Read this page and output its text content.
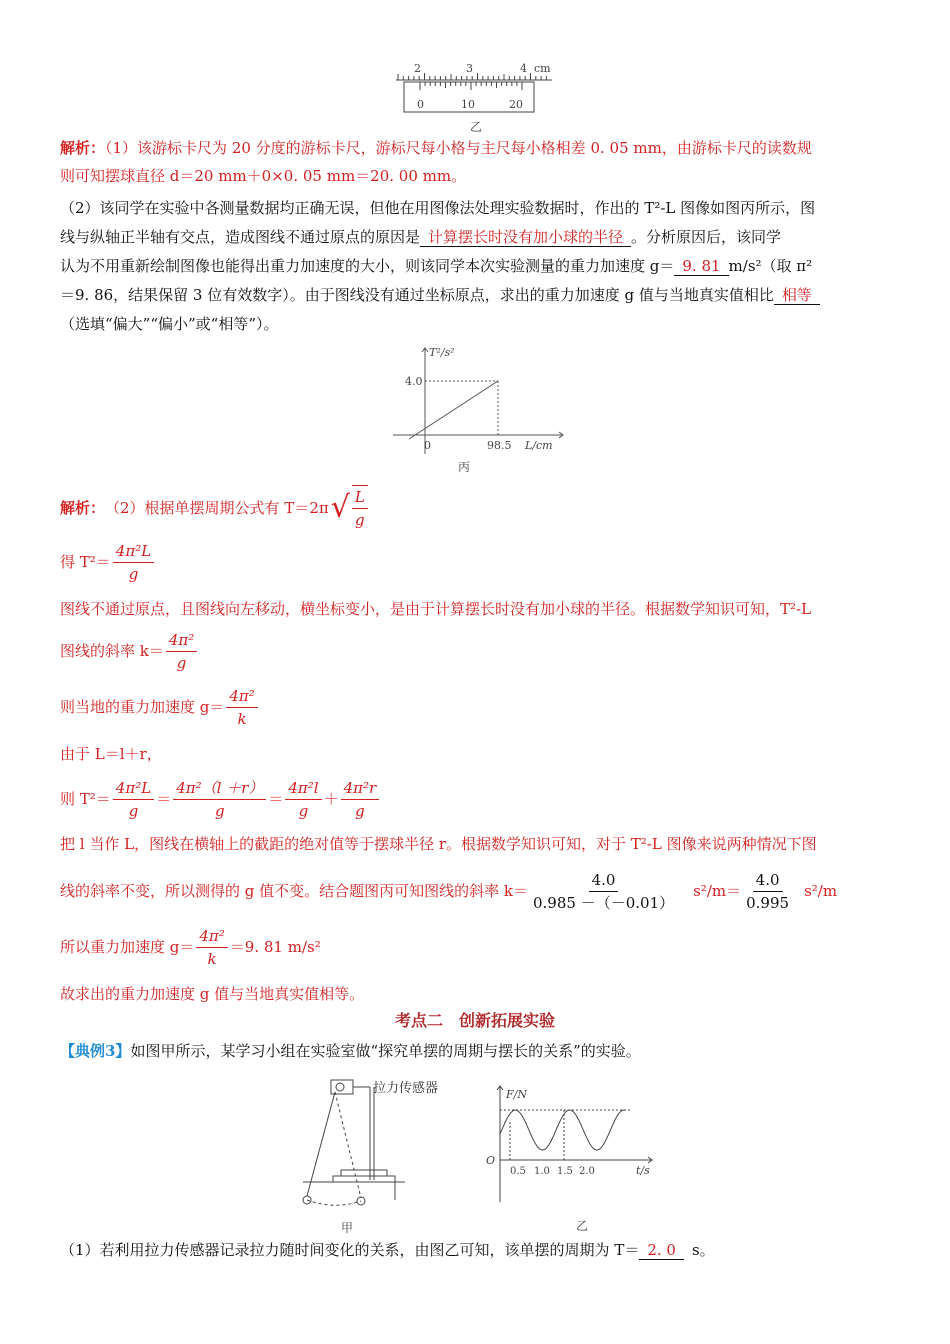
2	3	4 cm
0	10	20
乙
解析：（1）该游标卡尺为 20 分度的游标卡尺，游标尺每小格与主尺每小格相差 0. 05 mm，由游标卡尺的读数规
则可知摆球直径 d＝20 mm＋0×0. 05 mm＝20. 00 mm。
（2）该同学在实验中各测量数据均正确无误，但他在用图像法处理实验数据时，作出的 T²-L 图像如图丙所示，图
线与纵轴正半轴有交点，造成图线不通过原点的原因是 计算摆长时没有加小球的半径 。分析原因后，该同学
认为不用重新绘制图像也能得出重力加速度的大小，则该同学本次实验测量的重力加速度 g＝ 9. 81 m/s²（取 π²
＝9. 86，结果保留 3 位有效数字）。由于图线没有通过坐标原点，求出的重力加速度 g 值与当地真实值相比 相等
（选填“偏大”“偏小”或“相等”）。
T²/s²
4.0
0	98.5 L/cm
丙
解析： （2）根据单摆周期公式有 T＝2π √ $\frac{L}{g}$
得 $T^2= \frac{\text{4π²L}}{g}$
图线不通过原点，且图线向左移动，横坐标变小，是由于计算摆长时没有加小球的半径。根据数学知识可知，T²-L
图线的斜率 $k= \frac{\text{4π²}}{g}$
则当地的重力加速度 $g= \frac{\text{4π²}}{k}$
由于 L＝l＋r，
则 $T^2= \frac{\text{4π²L}}{g} = \frac{\text{4π²（l ＋r）}}{g} = \frac{\text{4π²l}}{g} + \frac{\text{4π²r}}{g}$
把 l 当作 L，图线在横轴上的截距的绝对值等于摆球半径 r。根据数学知识可知，对于 T²-L 图像来说两种情况下图
线的斜率不变，所以测得的 g 值不变。结合题图丙可知图线的斜率 $k= \frac{4.0}{0.985 -(-0.01)} s^2/m= \frac{4.0}{0.995} s^2/m$
所以重力加速度 $g= \frac{\text{4π²}}{k} =9$. 81 m/s²
故求出的重力加速度 g 值与当地真实值相等。
考点二　创新拓展实验
【典例3】如图甲所示，某学习小组在实验室做“探究单摆的周期与摆长的关系”的实验。
拉力传感器
甲
F/N
O
0.5 1.0 1.5 2.0	t/s
乙
（1）若利用拉力传感器记录拉力随时间变化的关系，由图乙可知，该单摆的周期为 T＝ 2. 0 s。
